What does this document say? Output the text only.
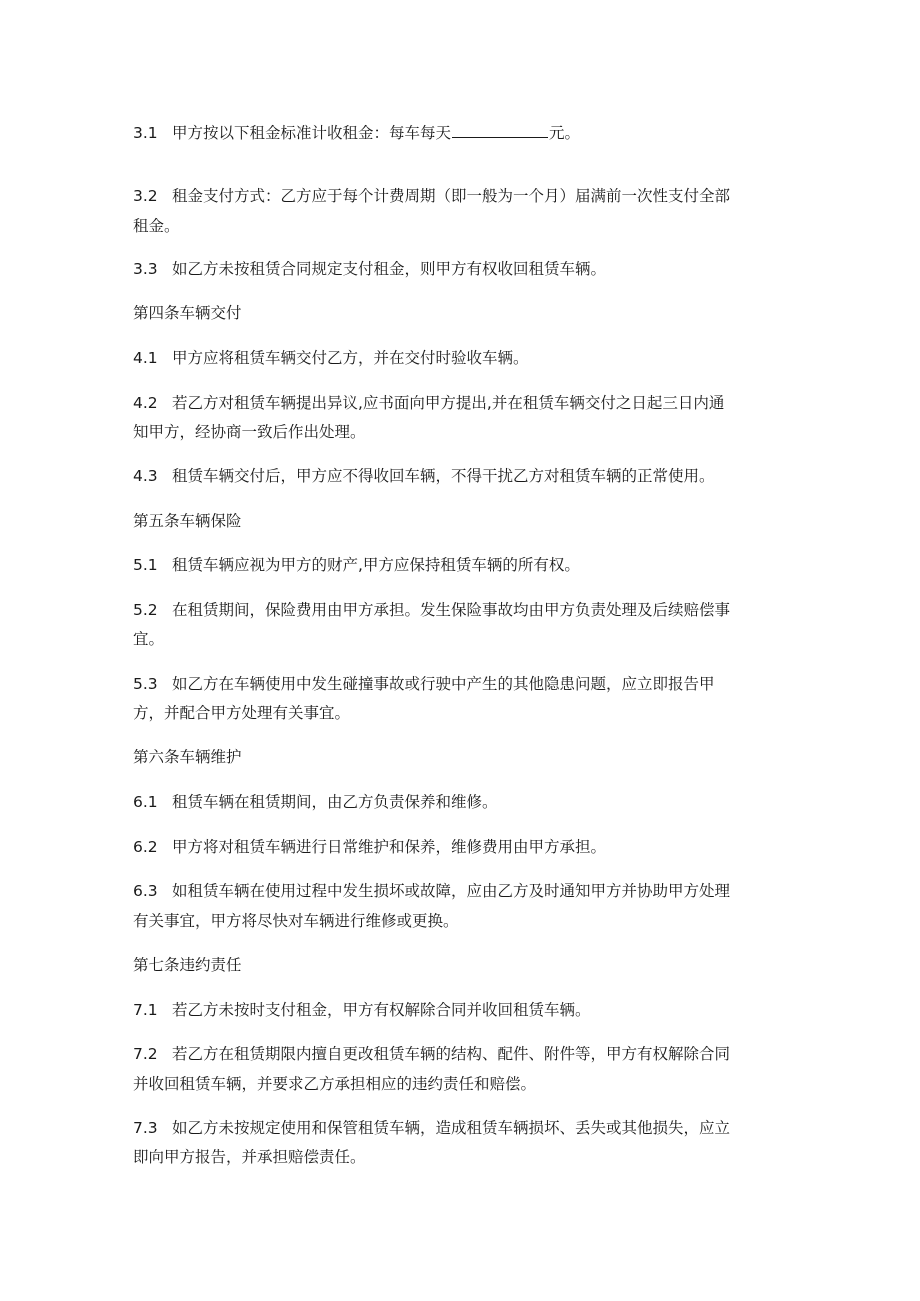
3.1 甲方按以下租金标准计收租金：每车每天	元。
3.2 租金支付方式：乙方应于每个计费周期（即一般为一个月）届满前一次性支付全部
租金。
3.3 如乙方未按租赁合同规定支付租金，则甲方有权收回租赁车辆。
第四条车辆交付
4.1 甲方应将租赁车辆交付乙方，并在交付时验收车辆。
4.2 若乙方对租赁车辆提出异议,应书面向甲方提出,并在租赁车辆交付之日起三日内通
知甲方，经协商一致后作出处理。
4.3 租赁车辆交付后，甲方应不得收回车辆，不得干扰乙方对租赁车辆的正常使用。
第五条车辆保险
5.1 租赁车辆应视为甲方的财产,甲方应保持租赁车辆的所有权。
5.2 在租赁期间，保险费用由甲方承担。发生保险事故均由甲方负责处理及后续赔偿事
宜。
5.3 如乙方在车辆使用中发生碰撞事故或行驶中产生的其他隐患问题，应立即报告甲
方，并配合甲方处理有关事宜。
第六条车辆维护
6.1 租赁车辆在租赁期间，由乙方负责保养和维修。
6.2 甲方将对租赁车辆进行日常维护和保养，维修费用由甲方承担。
6.3 如租赁车辆在使用过程中发生损坏或故障，应由乙方及时通知甲方并协助甲方处理
有关事宜，甲方将尽快对车辆进行维修或更换。
第七条违约责任
7.1 若乙方未按时支付租金，甲方有权解除合同并收回租赁车辆。
7.2 若乙方在租赁期限内擅自更改租赁车辆的结构、配件、附件等，甲方有权解除合同
并收回租赁车辆，并要求乙方承担相应的违约责任和赔偿。
7.3 如乙方未按规定使用和保管租赁车辆，造成租赁车辆损坏、丢失或其他损失，应立
即向甲方报告，并承担赔偿责任。
